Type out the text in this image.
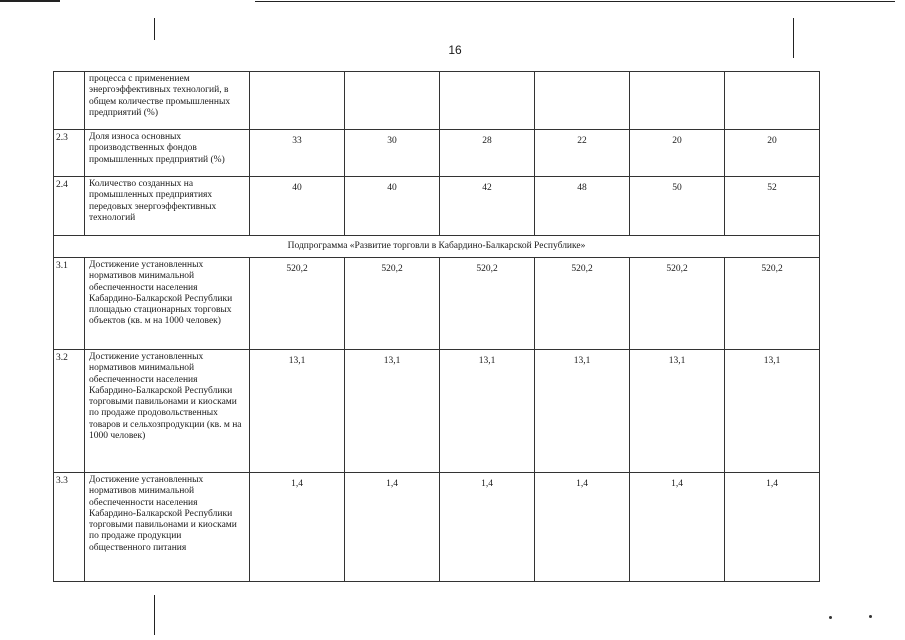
16
	процесса с применением энергоэффективных технологий, в общем количестве промышленных предприятий (%)						
2.3	Доля износа основных производственных фондов промышленных предприятий (%)	33	30	28	22	20	20
2.4	Количество созданных на промышленных предприятиях передовых энергоэффективных технологий	40	40	42	48	50	52
Подпрограмма «Развитие торговли в Кабардино-Балкарской Республике»							
3.1	Достижение установленных нормативов минимальной обеспеченности населения Кабардино-Балкарской Республики площадью стационарных торговых объектов (кв. м на 1000 человек)	520,2	520,2	520,2	520,2	520,2	520,2
3.2	Достижение установленных нормативов минимальной обеспеченности населения Кабардино-Балкарской Республики торговыми павильонами и киосками по продаже продовольственных товаров и сельхозпродукции (кв. м на 1000 человек)	13,1	13,1	13,1	13,1	13,1	13,1
3.3	Достижение установленных нормативов минимальной обеспеченности населения Кабардино-Балкарской Республики торговыми павильонами и киосками по продаже продукции общественного питания	1,4	1,4	1,4	1,4	1,4	1,4
